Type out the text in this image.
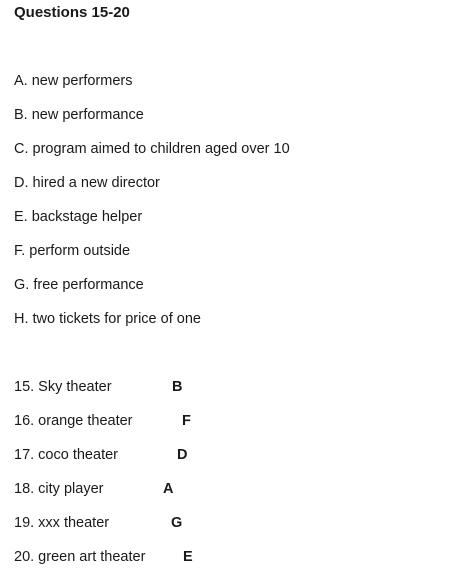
Questions 15-20
A. new performers
B. new performance
C. program aimed to children aged over 10
D. hired a new director
E. backstage helper
F. perform outside
G. free performance
H. two tickets for price of one
15. Sky theater	B
16. orange theater	F
17. coco theater	D
18. city player	A
19. xxx theater	G
20. green art theater	E
